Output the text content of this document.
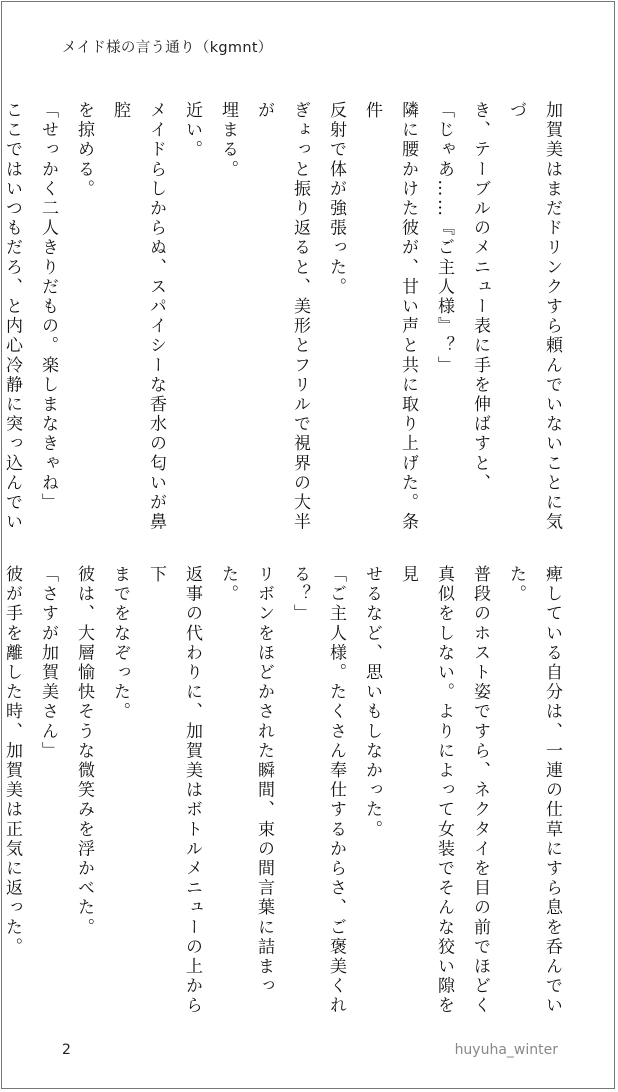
メイド様の言う通り（kgmnt）

加賀美はまだドリンクすら頼んでいないことに気づ

き、テーブルのメニュー表に手を伸ばすと、

「じゃあ……『ご主人様』？」

隣に腰かけた彼が、甘い声と共に取り上げた。条件

反射で体が強張った。

ぎょっと振り返ると、美形とフリルで視界の大半が

埋まる。

近い。

メイドらしからぬ、スパイシーな香水の匂いが鼻腔

を掠める。

「せっかく二人きりだもの。楽しまなきゃね」

ここではいつもだろ、と内心冷静に突っ込んでい

痺している自分は、一連の仕草にすら息を呑んでいた。

普段のホスト姿ですら、ネクタイを目の前でほどく

真似をしない。よりによって女装でそんな狡い隙を見

せるなど、思いもしなかった。

「ご主人様。たくさん奉仕するからさ、ご褒美くれ

る？」

リボンをほどかされた瞬間、束の間言葉に詰まった。

返事の代わりに、加賀美はボトルメニューの上から下

までをなぞった。

彼は、大層愉快そうな微笑みを浮かべた。

「さすが加賀美さん」

彼が手を離した時、加賀美は正気に返った。

2	huyuha_winter
